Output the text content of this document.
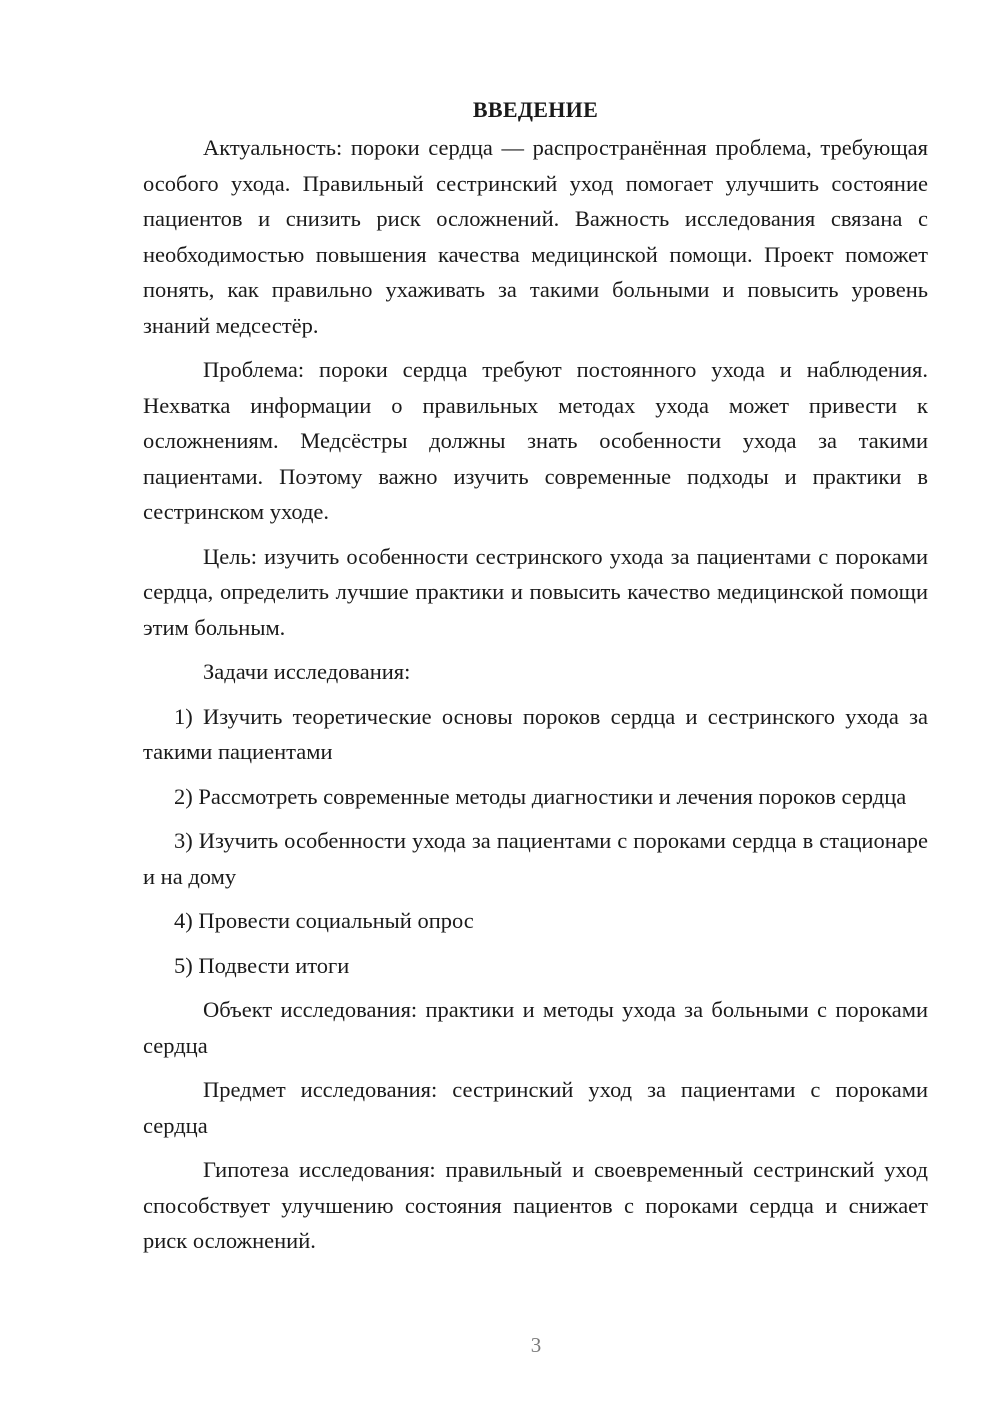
ВВЕДЕНИЕ

Актуальность: пороки сердца — распространённая проблема, требующая особого ухода. Правильный сестринский уход помогает улучшить состояние пациентов и снизить риск осложнений. Важность исследования связана с необходимостью повышения качества медицинской помощи. Проект поможет понять, как правильно ухаживать за такими больными и повысить уровень знаний медсестёр.

Проблема: пороки сердца требуют постоянного ухода и наблюдения. Нехватка информации о правильных методах ухода может привести к осложнениям. Медсёстры должны знать особенности ухода за такими пациентами. Поэтому важно изучить современные подходы и практики в сестринском уходе.

Цель: изучить особенности сестринского ухода за пациентами с пороками сердца, определить лучшие практики и повысить качество медицинской помощи этим больным.

Задачи исследования:

1) Изучить теоретические основы пороков сердца и сестринского ухода за такими пациентами

2) Рассмотреть современные методы диагностики и лечения пороков сердца

3) Изучить особенности ухода за пациентами с пороками сердца в стационаре и на дому

4) Провести социальный опрос

5) Подвести итоги

Объект исследования: практики и методы ухода за больными с пороками сердца

Предмет исследования: сестринский уход за пациентами с пороками сердца

Гипотеза исследования: правильный и своевременный сестринский уход способствует улучшению состояния пациентов с пороками сердца и снижает риск осложнений.

3
